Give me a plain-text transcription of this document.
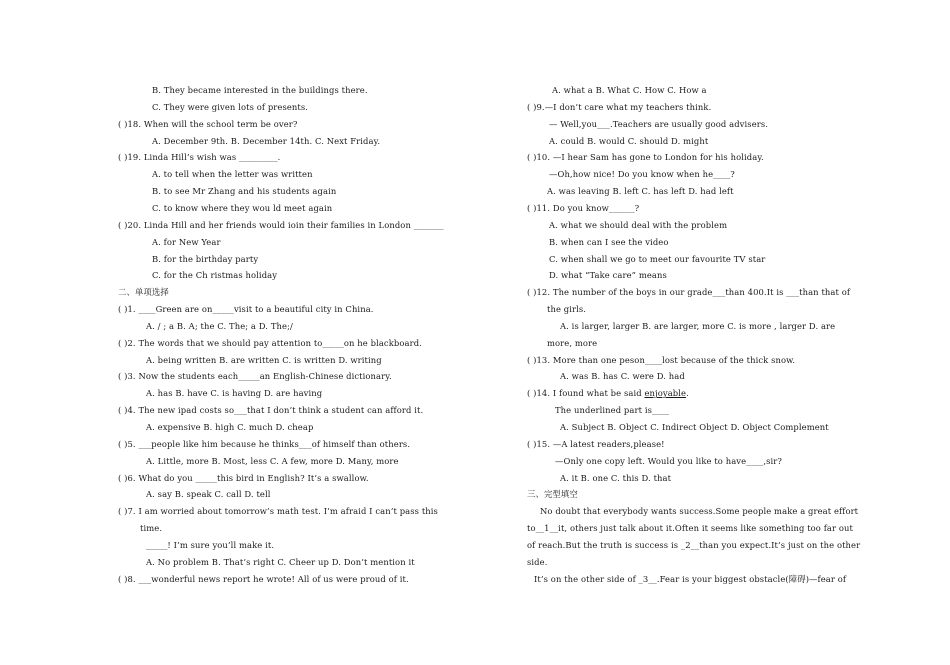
B. They became interested in the buildings there.
C. They were given lots of presents.
( )18. When will the school term be over?
A. December 9th. B. December 14th. C. Next Friday.
( )19. Linda Hill’s wish was _________.
A. to tell when the letter was written
B. to see Mr Zhang and his students again
C. to know where they wou ld meet again
( )20. Linda Hill and her friends would ioin their families in London _______
A. for New Year
B. for the birthday party
C. for the Ch ristmas holiday
二、单项选择
( )1. ____Green are on_____visit to a beautiful city in China.
A. / ; a B. A; the C. The; a D. The;/
( )2. The words that we should pay attention to_____on he blackboard.
A. being written B. are written C. is written D. writing
( )3. Now the students each_____an English-Chinese dictionary.
A. has B. have C. is having D. are having
( )4. The new ipad costs so___that I don’t think a student can afford it.
A. expensive B. high C. much D. cheap
( )5. ___people like him because he thinks___of himself than others.
A. Little, more B. Most, less C. A few, more D. Many, more
( )6. What do you _____this bird in English? It’s a swallow.
A. say B. speak C. call D. tell
( )7. I am worried about tomorrow’s math test. I’m afraid I can’t pass this
time.
_____! I’m sure you’ll make it.
A. No problem B. That’s right C. Cheer up D. Don’t mention it
( )8. ___wonderful news report he wrote! All of us were proud of it.
A. what a B. What C. How C. How a
( )9.—I don’t care what my teachers think.
— Well,you___.Teachers are usually good advisers.
A. could B. would C. should D. might
( )10. —I hear Sam has gone to London for his holiday.
—Oh,how nice! Do you know when he____?
A. was leaving B. left C. has left D. had left
( )11. Do you know______?
A. what we should deal with the problem
B. when can I see the video
C. when shall we go to meet our favourite TV star
D. what “Take care” means
( )12. The number of the boys in our grade___than 400.It is ___than that of
the girls.
A. is larger, larger B. are larger, more C. is more , larger D. are
more, more
( )13. More than one peson____lost because of the thick snow.
A. was B. has C. were D. had
( )14. I found what be said enjoyable.
The underlined part is____
A. Subject B. Object C. Indirect Object D. Object Complement
( )15. —A latest readers,please!
—Only one copy left. Would you like to have____,sir?
A. it B. one C. this D. that
三、完型填空
No doubt that everybody wants success.Some people make a great effort
to__1__it, others just talk about it.Often it seems like something too far out
of reach.But the truth is success is _2__than you expect.It’s just on the other
side.
It’s on the other side of _3__.Fear is your biggest obstacle(障碍)—fear of
